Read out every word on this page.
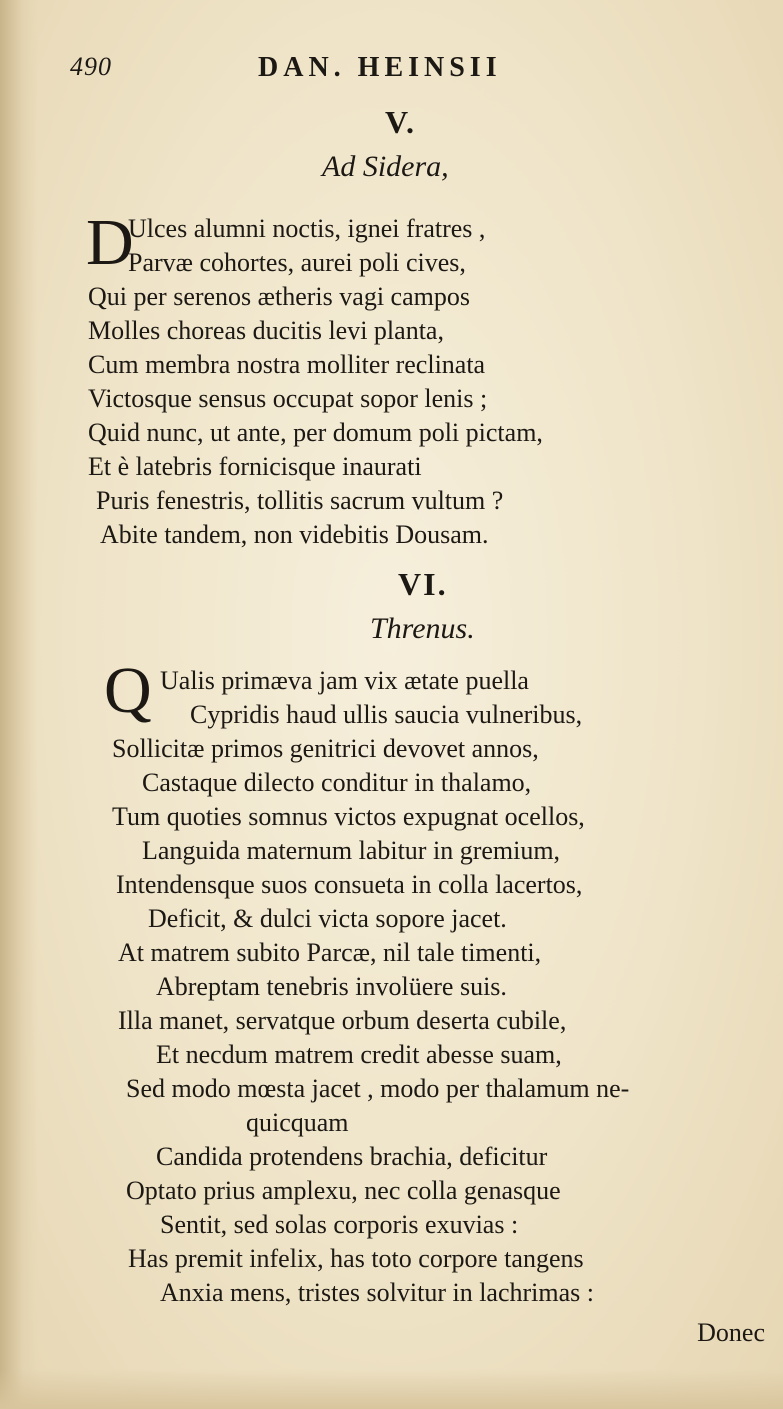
490	DAN. HEINSII
V.
Ad Sidera,
D
Ulces alumni noctis, ignei fratres ,
Parvæ cohortes, aurei poli cives,
Qui per serenos ætheris vagi campos
Molles choreas ducitis levi planta,
Cum membra nostra molliter reclinata
Victosque sensus occupat sopor lenis ;
Quid nunc, ut ante, per domum poli pictam,
Et è latebris fornicisque inaurati
Puris fenestris, tollitis sacrum vultum ?
Abite tandem, non videbitis Dousam.
VI.
Threnus.
Q Ualis primæva jam vix ætate puella
Cypridis haud ullis saucia vulneribus,
Sollicitæ primos genitrici devovet annos,
Castaque dilecto conditur in thalamo,
Tum quoties somnus victos expugnat ocellos,
Languida maternum labitur in gremium,
Intendensque suos consueta in colla lacertos,
Deficit, & dulci victa sopore jacet.
At matrem subito Parcæ, nil tale timenti,
Abreptam tenebris involüere suis.
Illa manet, servatque orbum deserta cubile,
Et necdum matrem credit abesse suam,
Sed modo mœsta jacet , modo per thalamum ne-
quicquam
Candida protendens brachia, deficitur
Optato prius amplexu, nec colla genasque
Sentit, sed solas corporis exuvias :
Has premit infelix, has toto corpore tangens
Anxia mens, tristes solvitur in lachrimas :
Donec
